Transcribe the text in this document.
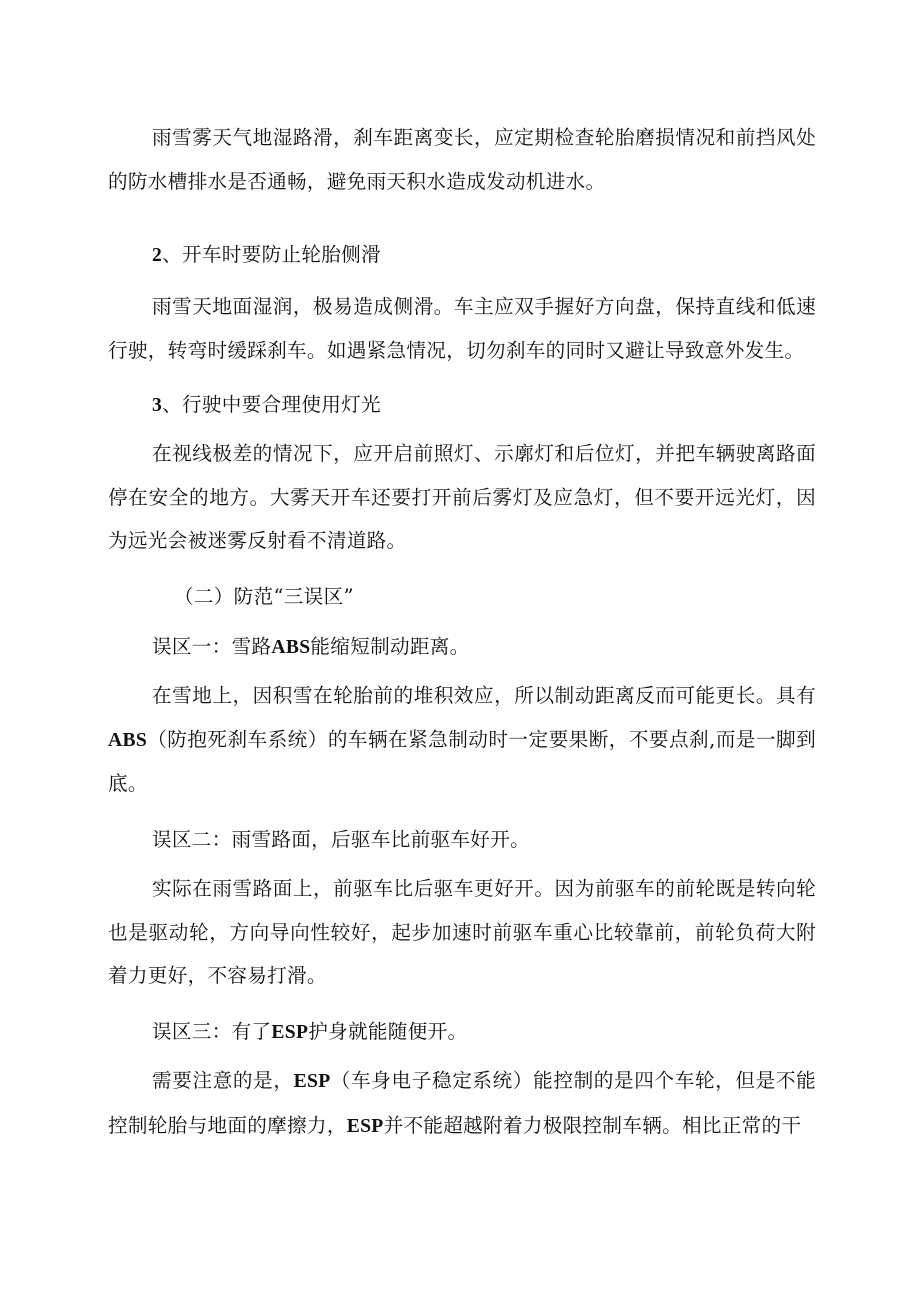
雨雪雾天气地湿路滑，刹车距离变长，应定期检查轮胎磨损情况和前挡风处的防水槽排水是否通畅，避免雨天积水造成发动机进水。

2、开车时要防止轮胎侧滑

雨雪天地面湿润，极易造成侧滑。车主应双手握好方向盘，保持直线和低速行驶，转弯时缓踩刹车。如遇紧急情况，切勿刹车的同时又避让导致意外发生。

3、行驶中要合理使用灯光

在视线极差的情况下，应开启前照灯、示廓灯和后位灯，并把车辆驶离路面停在安全的地方。大雾天开车还要打开前后雾灯及应急灯，但不要开远光灯，因为远光会被迷雾反射看不清道路。

（二）防范“三误区”

误区一：雪路ABS能缩短制动距离。

在雪地上，因积雪在轮胎前的堆积效应，所以制动距离反而可能更长。具有ABS（防抱死刹车系统）的车辆在紧急制动时一定要果断，不要点刹,而是一脚到底。

误区二：雨雪路面，后驱车比前驱车好开。

实际在雨雪路面上，前驱车比后驱车更好开。因为前驱车的前轮既是转向轮也是驱动轮，方向导向性较好，起步加速时前驱车重心比较靠前，前轮负荷大附着力更好，不容易打滑。

误区三：有了ESP护身就能随便开。

需要注意的是，ESP（车身电子稳定系统）能控制的是四个车轮，但是不能控制轮胎与地面的摩擦力，ESP并不能超越附着力极限控制车辆。相比正常的干
